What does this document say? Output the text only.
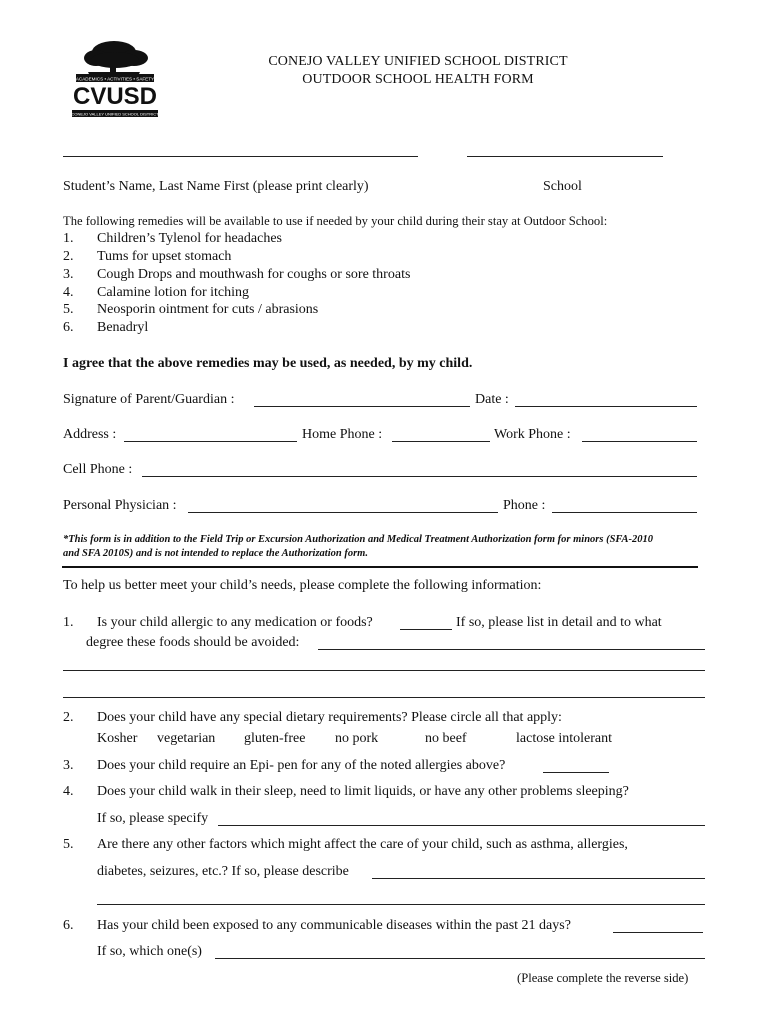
ACADEMICS • ACTIVITIES • SAFETY
CVUSD
CONEJO VALLEY UNIFIED SCHOOL DISTRICT
CONEJO VALLEY UNIFIED SCHOOL DISTRICT
OUTDOOR SCHOOL HEALTH FORM
Student’s Name, Last Name First (please print clearly)	School
The following remedies will be available to use if needed by your child during their stay at Outdoor School:
1. Children’s Tylenol for headaches
2. Tums for upset stomach
3. Cough Drops and mouthwash for coughs or sore throats
4. Calamine lotion for itching
5. Neosporin ointment for cuts / abrasions
6. Benadryl
I agree that the above remedies may be used, as needed, by my child.
Signature of Parent/Guardian :	Date :
Address :	Home Phone :	Work Phone :
Cell Phone :
Personal Physician :	Phone :
*This form is in addition to the Field Trip or Excursion Authorization and Medical Treatment Authorization form for minors (SFA-2010
and SFA 2010S) and is not intended to replace the Authorization form.
To help us better meet your child’s needs, please complete the following information:
1. Is your child allergic to any medication or foods?	If so, please list in detail and to what
degree these foods should be avoided:
2. Does your child have any special dietary requirements? Please circle all that apply:
Kosher vegetarian gluten-free no pork	no beef	lactose intolerant
3. Does your child require an Epi- pen for any of the noted allergies above?
4. Does your child walk in their sleep, need to limit liquids, or have any other problems sleeping?
If so, please specify
5. Are there any other factors which might affect the care of your child, such as asthma, allergies,
diabetes, seizures, etc.? If so, please describe
6. Has your child been exposed to any communicable diseases within the past 21 days?
If so, which one(s)
(Please complete the reverse side)
